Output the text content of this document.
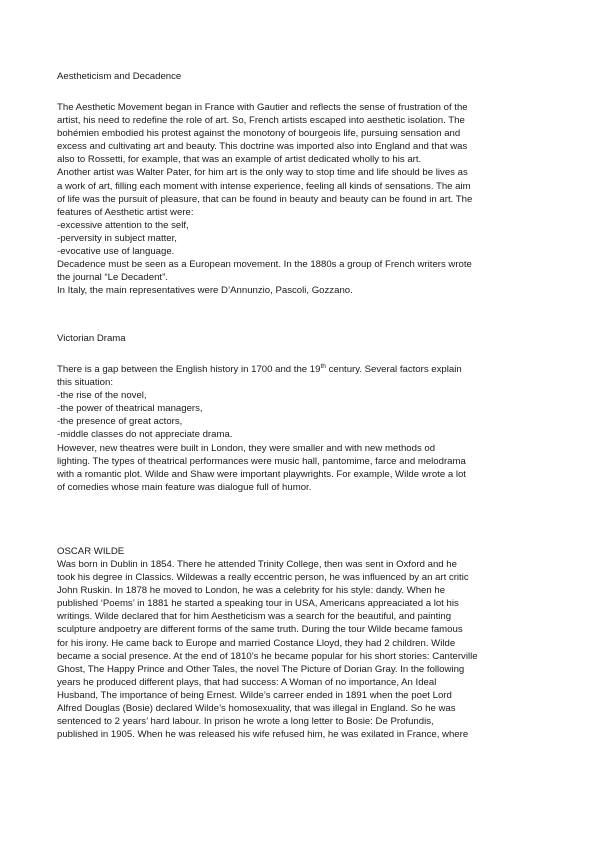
Aestheticism and Decadence

The Aesthetic Movement began in France with Gautier and reflects the sense of frustration of the
artist, his need to redefine the role of art. So, French artists escaped into aesthetic isolation. The
bohémien embodied his protest against the monotony of bourgeois life, pursuing sensation and
excess and cultivating art and beauty. This doctrine was imported also into England and that was
also to Rossetti, for example, that was an example of artist dedicated wholly to his art.
Another artist was Walter Pater, for him art is the only way to stop time and life should be lives as
a work of art, filling each moment with intense experience, feeling all kinds of sensations. The aim
of life was the pursuit of pleasure, that can be found in beauty and beauty can be found in art. The
features of Aesthetic artist were:
-excessive attention to the self,
-perversity in subject matter,
-evocative use of language.
Decadence must be seen as a European movement. In the 1880s a group of French writers wrote
the journal “Le Decadent”.
In Italy, the main representatives were D’Annunzio, Pascoli, Gozzano.

Victorian Drama

There is a gap between the English history in 1700 and the 19th century. Several factors explain
this situation:
-the rise of the novel,
-the power of theatrical managers,
-the presence of great actors,
-middle classes do not appreciate drama.
However, new theatres were built in London, they were smaller and with new methods od
lighting. The types of theatrical performances were music hall, pantomime, farce and melodrama
with a romantic plot. Wilde and Shaw were important playwrights. For example, Wilde wrote a lot
of comedies whose main feature was dialogue full of humor.

OSCAR WILDE

Was born in Dublin in 1854. There he attended Trinity College, then was sent in Oxford and he
took his degree in Classics. Wildewas a really eccentric person, he was influenced by an art critic
John Ruskin. In 1878 he moved to London, he was a celebrity for his style: dandy. When he
published ‘Poems’ in 1881 he started a speaking tour in USA, Americans appreaciated a lot his
writings. Wilde declared that for him Aestheticism was a search for the beautiful, and painting
sculpture andpoetry are different forms of the same truth. During the tour Wilde became famous
for his irony. He came back to Europe and married Costance Lloyd, they had 2 children. Wilde
became a social presence. At the end of 1810’s he became popular for his short stories: Canterville
Ghost, The Happy Prince and Other Tales, the novel The Picture of Dorian Gray. In the following
years he produced different plays, that had success: A Woman of no importance, An Ideal
Husband, The importance of being Ernest. Wilde’s carreer ended in 1891 when the poet Lord
Alfred Douglas (Bosie) declared Wilde’s homosexuality, that was illegal in England. So he was
sentenced to 2 years’ hard labour. In prison he wrote a long letter to Bosie: De Profundis,
published in 1905. When he was released his wife refused him, he was exilated in France, where
